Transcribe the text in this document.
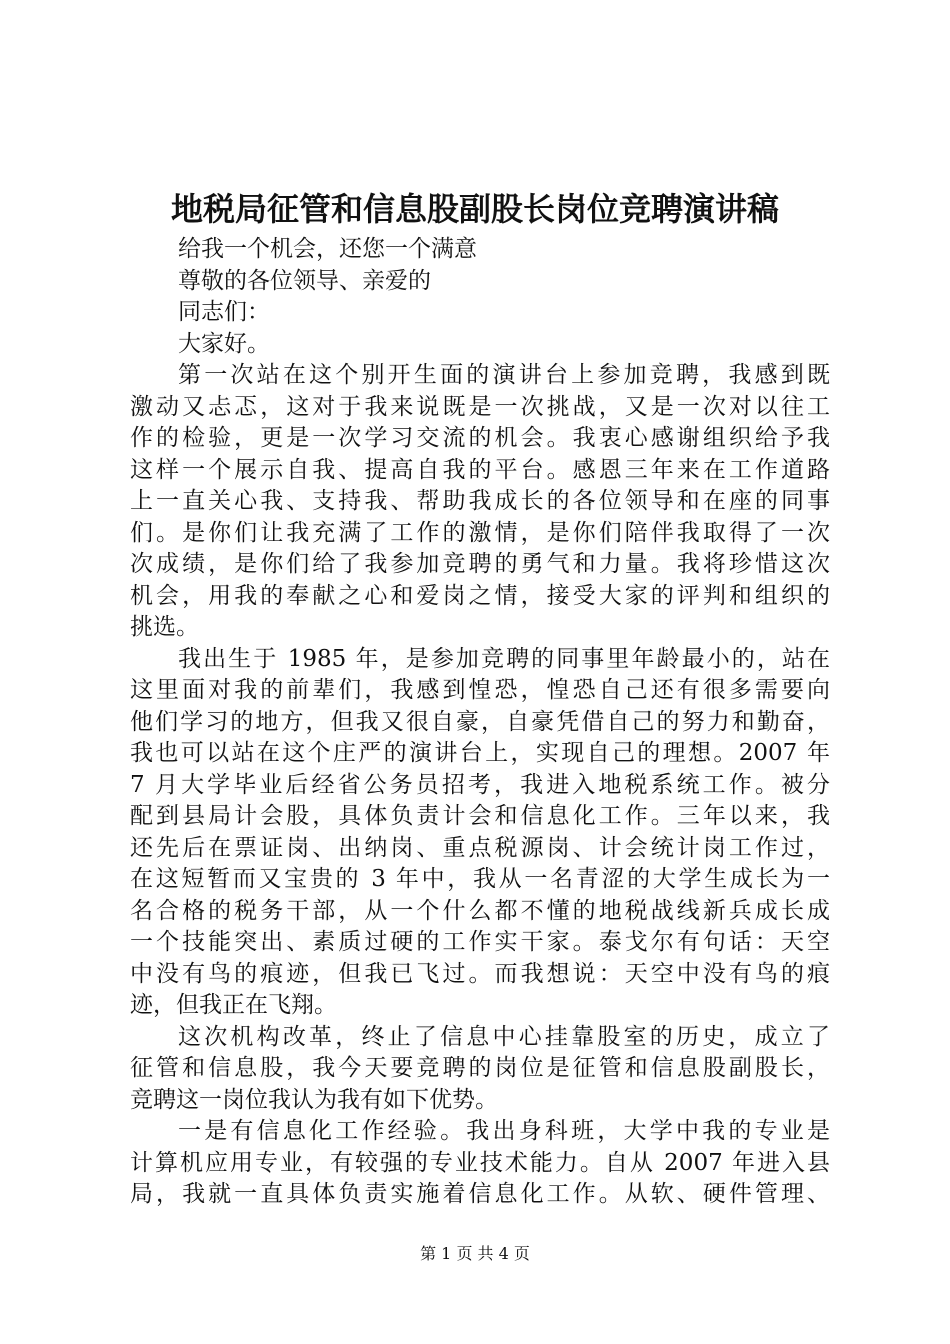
地税局征管和信息股副股长岗位竞聘演讲稿
给我一个机会，还您一个满意
尊敬的各位领导、亲爱的
同志们：
大家好。
第一次站在这个别开生面的演讲台上参加竞聘，我感到既
激动又忐忑，这对于我来说既是一次挑战，又是一次对以往工
作的检验，更是一次学习交流的机会。我衷心感谢组织给予我
这样一个展示自我、提高自我的平台。感恩三年来在工作道路
上一直关心我、支持我、帮助我成长的各位领导和在座的同事
们。是你们让我充满了工作的激情，是你们陪伴我取得了一次
次成绩，是你们给了我参加竞聘的勇气和力量。我将珍惜这次
机会，用我的奉献之心和爱岗之情，接受大家的评判和组织的
挑选。
我出生于 1985 年，是参加竞聘的同事里年龄最小的，站在
这里面对我的前辈们，我感到惶恐，惶恐自己还有很多需要向
他们学习的地方，但我又很自豪，自豪凭借自己的努力和勤奋，
我也可以站在这个庄严的演讲台上，实现自己的理想。2007 年
7 月大学毕业后经省公务员招考，我进入地税系统工作。被分
配到县局计会股，具体负责计会和信息化工作。三年以来，我
还先后在票证岗、出纳岗、重点税源岗、计会统计岗工作过，
在这短暂而又宝贵的 3 年中，我从一名青涩的大学生成长为一
名合格的税务干部，从一个什么都不懂的地税战线新兵成长成
一个技能突出、素质过硬的工作实干家。泰戈尔有句话：天空
中没有鸟的痕迹，但我已飞过。而我想说：天空中没有鸟的痕
迹，但我正在飞翔。
这次机构改革，终止了信息中心挂靠股室的历史，成立了
征管和信息股，我今天要竞聘的岗位是征管和信息股副股长，
竞聘这一岗位我认为我有如下优势。
一是有信息化工作经验。我出身科班，大学中我的专业是
计算机应用专业，有较强的专业技术能力。自从 2007 年进入县
局，我就一直具体负责实施着信息化工作。从软、硬件管理、
第 1 页 共 4 页
